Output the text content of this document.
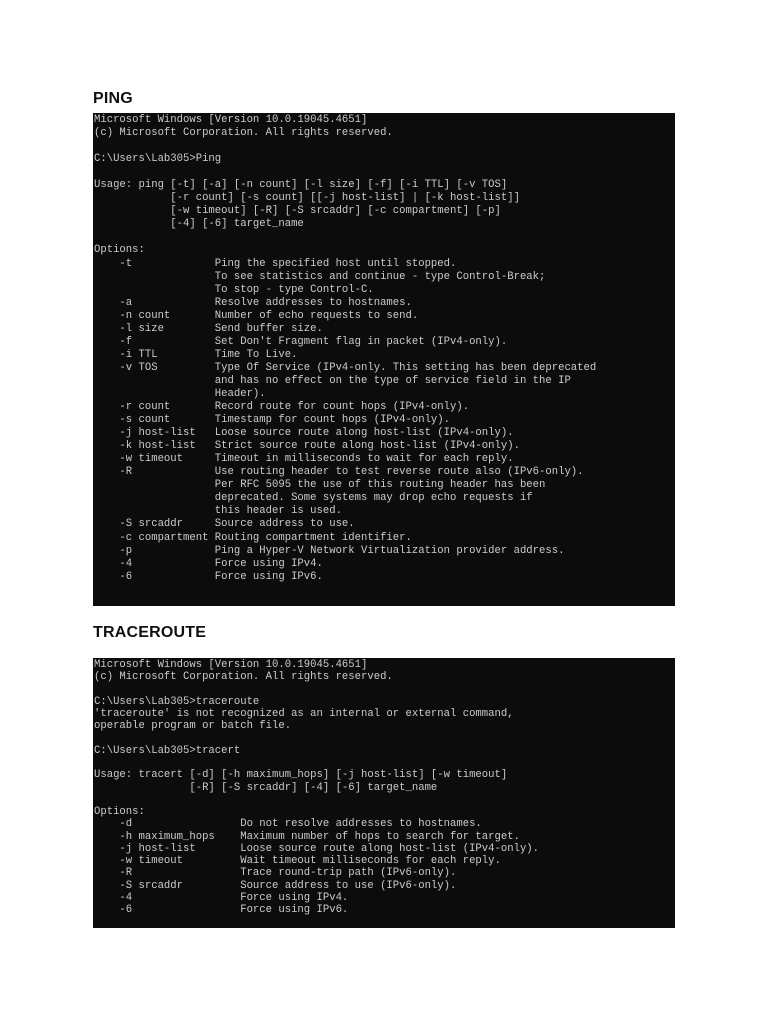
PING
Microsoft Windows [Version 10.0.19045.4651]
(c) Microsoft Corporation. All rights reserved.
C:\Users\Lab305>Ping
Usage: ping [-t] [-a] [-n count] [-l size] [-f] [-i TTL] [-v TOS]
[-r count] [-s count] [[-j host-list] | [-k host-list]]
[-w timeout] [-R] [-S srcaddr] [-c compartment] [-p]
[-4] [-6] target_name
Options:
-t             Ping the specified host until stopped.
To see statistics and continue - type Control-Break;
To stop - type Control-C.
-a             Resolve addresses to hostnames.
-n count       Number of echo requests to send.
-l size        Send buffer size.
-f             Set Don't Fragment flag in packet (IPv4-only).
-i TTL         Time To Live.
-v TOS         Type Of Service (IPv4-only. This setting has been deprecated
and has no effect on the type of service field in the IP
Header).
-r count       Record route for count hops (IPv4-only).
-s count       Timestamp for count hops (IPv4-only).
-j host-list   Loose source route along host-list (IPv4-only).
-k host-list   Strict source route along host-list (IPv4-only).
-w timeout     Timeout in milliseconds to wait for each reply.
-R             Use routing header to test reverse route also (IPv6-only).
Per RFC 5095 the use of this routing header has been
deprecated. Some systems may drop echo requests if
this header is used.
-S srcaddr     Source address to use.
-c compartment Routing compartment identifier.
-p             Ping a Hyper-V Network Virtualization provider address.
-4             Force using IPv4.
-6             Force using IPv6.
TRACEROUTE
Microsoft Windows [Version 10.0.19045.4651]
(c) Microsoft Corporation. All rights reserved.
C:\Users\Lab305>traceroute
'traceroute' is not recognized as an internal or external command,
operable program or batch file.
C:\Users\Lab305>tracert
Usage: tracert [-d] [-h maximum_hops] [-j host-list] [-w timeout]
[-R] [-S srcaddr] [-4] [-6] target_name
Options:
-d                 Do not resolve addresses to hostnames.
-h maximum_hops    Maximum number of hops to search for target.
-j host-list       Loose source route along host-list (IPv4-only).
-w timeout         Wait timeout milliseconds for each reply.
-R                 Trace round-trip path (IPv6-only).
-S srcaddr         Source address to use (IPv6-only).
-4                 Force using IPv4.
-6                 Force using IPv6.
